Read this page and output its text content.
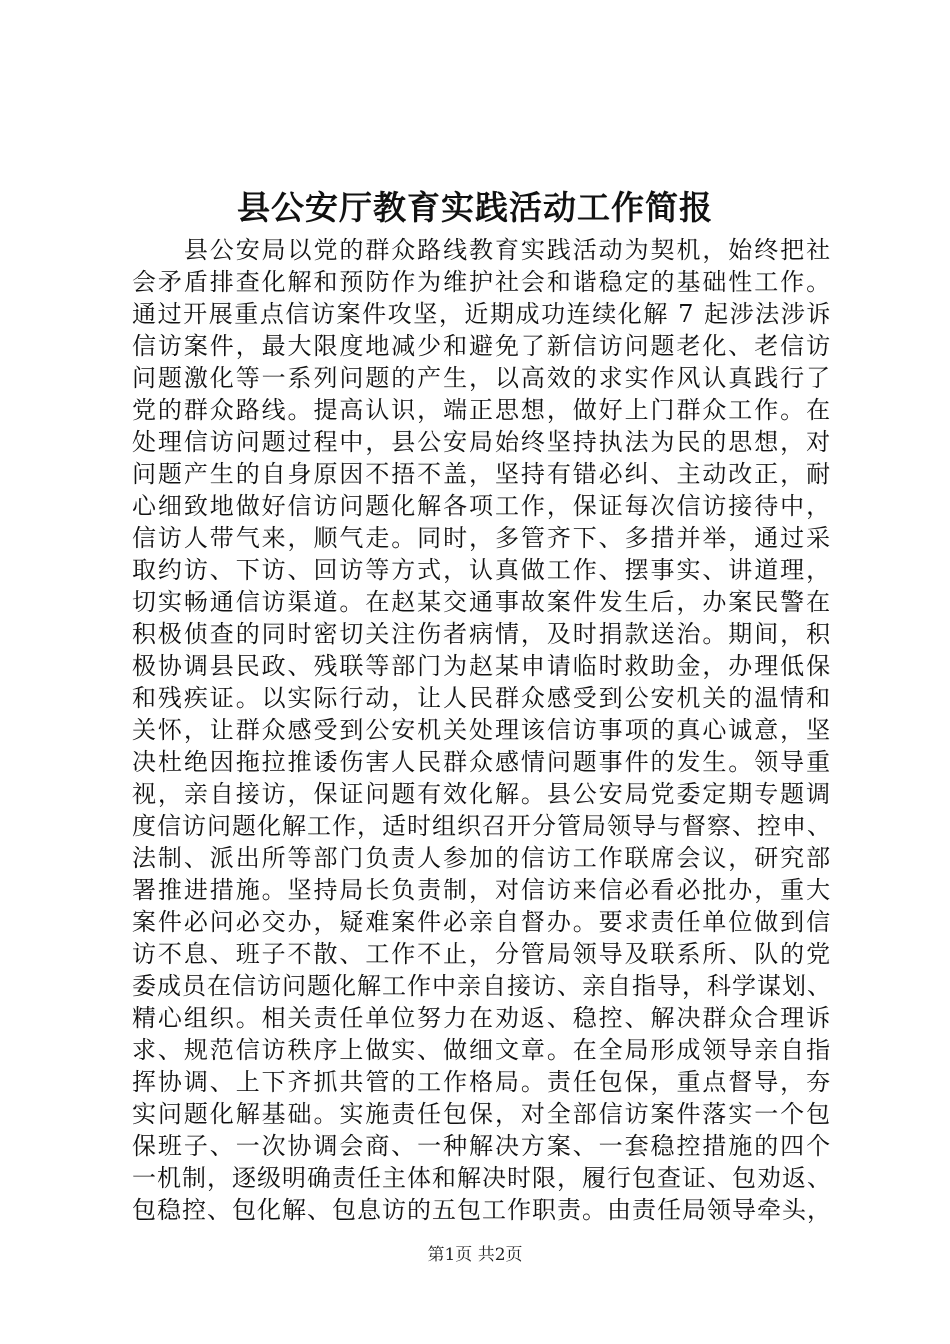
县公安厅教育实践活动工作简报
　　县公安局以党的群众路线教育实践活动为契机，始终把社
会矛盾排查化解和预防作为维护社会和谐稳定的基础性工作。
通过开展重点信访案件攻坚，近期成功连续化解 7 起涉法涉诉
信访案件，最大限度地减少和避免了新信访问题老化、老信访
问题激化等一系列问题的产生，以高效的求实作风认真践行了
党的群众路线。提高认识，端正思想，做好上门群众工作。在
处理信访问题过程中，县公安局始终坚持执法为民的思想，对
问题产生的自身原因不捂不盖，坚持有错必纠、主动改正，耐
心细致地做好信访问题化解各项工作，保证每次信访接待中，
信访人带气来，顺气走。同时，多管齐下、多措并举，通过采
取约访、下访、回访等方式，认真做工作、摆事实、讲道理，
切实畅通信访渠道。在赵某交通事故案件发生后，办案民警在
积极侦查的同时密切关注伤者病情，及时捐款送治。期间，积
极协调县民政、残联等部门为赵某申请临时救助金，办理低保
和残疾证。以实际行动，让人民群众感受到公安机关的温情和
关怀，让群众感受到公安机关处理该信访事项的真心诚意，坚
决杜绝因拖拉推诿伤害人民群众感情问题事件的发生。领导重
视，亲自接访，保证问题有效化解。县公安局党委定期专题调
度信访问题化解工作，适时组织召开分管局领导与督察、控申、
法制、派出所等部门负责人参加的信访工作联席会议，研究部
署推进措施。坚持局长负责制，对信访来信必看必批办，重大
案件必问必交办，疑难案件必亲自督办。要求责任单位做到信
访不息、班子不散、工作不止，分管局领导及联系所、队的党
委成员在信访问题化解工作中亲自接访、亲自指导，科学谋划、
精心组织。相关责任单位努力在劝返、稳控、解决群众合理诉
求、规范信访秩序上做实、做细文章。在全局形成领导亲自指
挥协调、上下齐抓共管的工作格局。责任包保，重点督导，夯
实问题化解基础。实施责任包保，对全部信访案件落实一个包
保班子、一次协调会商、一种解决方案、一套稳控措施的四个
一机制，逐级明确责任主体和解决时限，履行包查证、包劝返、
包稳控、包化解、包息访的五包工作职责。由责任局领导牵头，
第1页 共2页
